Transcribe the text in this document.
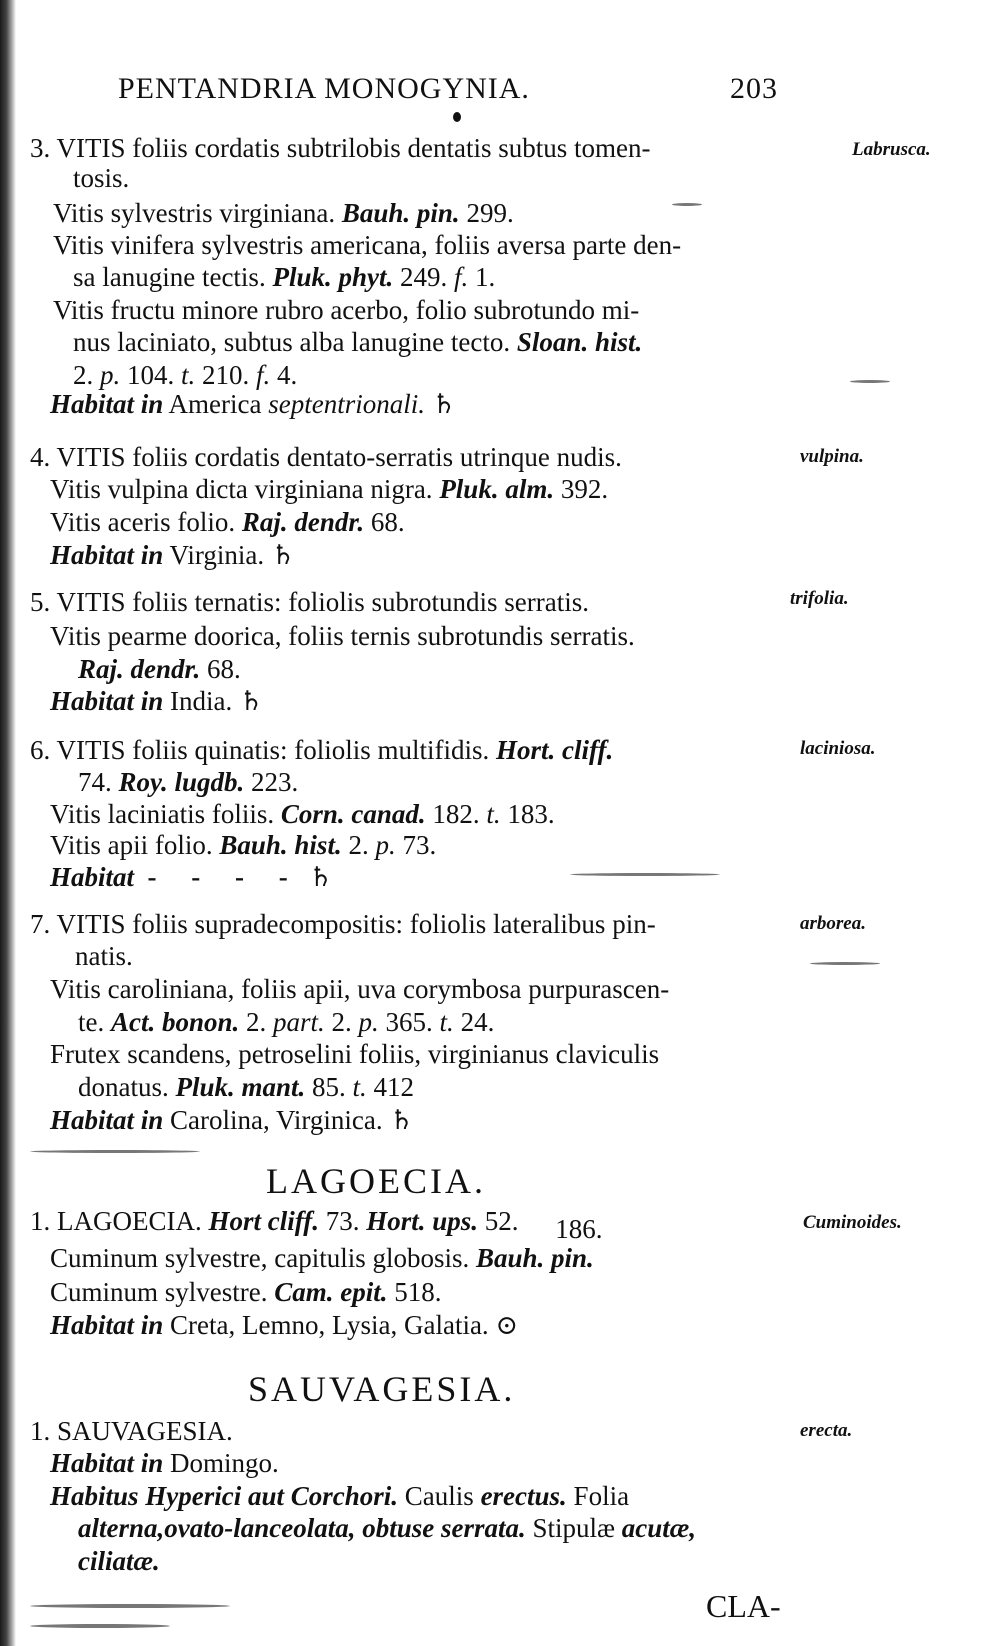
PENTANDRIA MONOGYNIA.	203
3. VITIS foliis cordatis subtrilobis dentatis subtus tomen-	Labrusca.
tosis.
Vitis sylvestris virginiana. Bauh. pin. 299.
Vitis vinifera sylvestris americana, foliis aversa parte den-
sa lanugine tectis. Pluk. phyt. 249. f. 1.
Vitis fructu minore rubro acerbo, folio subrotundo mi-
nus laciniato, subtus alba lanugine tecto. Sloan. hist.
2. p. 104. t. 210. f. 4.
Habitat in America septentrionali. ♄
4. VITIS foliis cordatis dentato-serratis utrinque nudis.	vulpina.
Vitis vulpina dicta virginiana nigra. Pluk. alm. 392.
Vitis aceris folio. Raj. dendr. 68.
Habitat in Virginia. ♄
5. VITIS foliis ternatis: foliolis subrotundis serratis.	trifolia.
Vitis pearme doorica, foliis ternis subrotundis serratis.
Raj. dendr. 68.
Habitat in India. ♄
6. VITIS foliis quinatis: foliolis multifidis. Hort. cliff.	laciniosa.
74. Roy. lugdb. 223.
Vitis laciniatis foliis. Corn. canad. 182. t. 183.
Vitis apii folio. Bauh. hist. 2. p. 73.
Habitat - - - - ♄
7. VITIS foliis supradecompositis: foliolis lateralibus pin-	arborea.
natis.
Vitis caroliniana, foliis apii, uva corymbosa purpurascen-
te. Act. bonon. 2. part. 2. p. 365. t. 24.
Frutex scandens, petroselini foliis, virginianus claviculis
donatus. Pluk. mant. 85. t. 412
Habitat in Carolina, Virginica. ♄
LAGOECIA.
1. LAGOECIA. Hort cliff. 73. Hort. ups. 52. 186.	Cuminoides.
Cuminum sylvestre, capitulis globosis. Bauh. pin.
Cuminum sylvestre. Cam. epit. 518.
Habitat in Creta, Lemno, Lysia, Galatia. ⊙
SAUVAGESIA.
1. SAUVAGESIA.	erecta.
Habitat in Domingo.
Habitus Hyperici aut Corchori. Caulis erectus. Folia
alterna,ovato-lanceolata, obtuse serrata. Stipulæ acutæ,
ciliatæ.
CLA-
